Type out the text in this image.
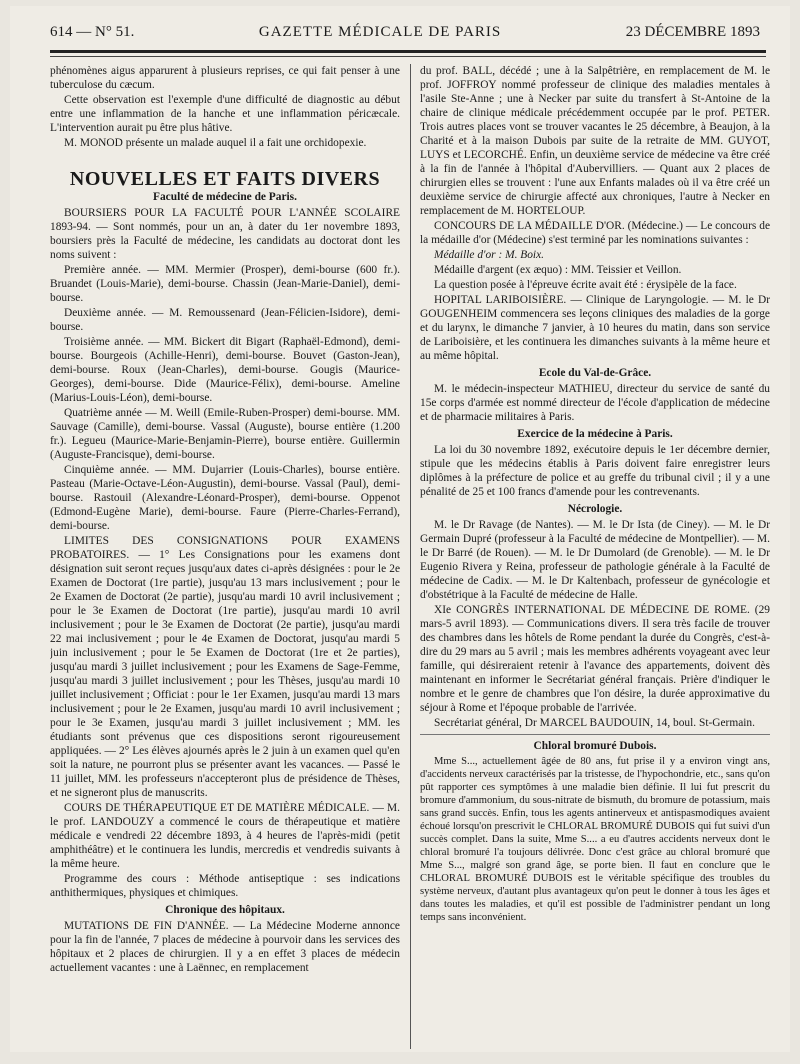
614 — N° 51.	GAZETTE MÉDICALE DE PARIS	23 DÉCEMBRE 1893

phénomènes aigus apparurent à plusieurs reprises, ce qui fait penser à une tuberculose du cæcum.

Cette observation est l'exemple d'une difficulté de diagnostic au début entre une inflammation de la hanche et une inflammation péricæcale. L'intervention aurait pu être plus hâtive.

M. MONOD présente un malade auquel il a fait une orchidopexie.

NOUVELLES ET FAITS DIVERS
Faculté de médecine de Paris.

BOURSIERS POUR LA FACULTÉ POUR L'ANNÉE SCOLAIRE 1893-94. — Sont nommés, pour un an, à dater du 1er novembre 1893, boursiers près la Faculté de médecine, les candidats au doctorat dont les noms suivent :

Première année. — MM. Mermier (Prosper), demi-bourse (600 fr.). Bruandet (Louis-Marie), demi-bourse. Chassin (Jean-Marie-Daniel), demi-bourse.

Deuxième année. — M. Remoussenard (Jean-Félicien-Isidore), demi-bourse.

Troisième année. — MM. Bickert dit Bigart (Raphaël-Edmond), demi-bourse. Bourgeois (Achille-Henri), demi-bourse. Bouvet (Gaston-Jean), demi-bourse. Roux (Jean-Charles), demi-bourse. Gougis (Maurice-Georges), demi-bourse. Dide (Maurice-Félix), demi-bourse. Ameline (Marius-Louis-Léon), demi-bourse.

Quatrième année — M. Weill (Emile-Ruben-Prosper) demi-bourse. MM. Sauvage (Camille), demi-bourse. Vassal (Auguste), bourse entière (1.200 fr.). Legueu (Maurice-Marie-Benjamin-Pierre), bourse entière. Guillermin (Auguste-Francisque), demi-bourse.

Cinquième année. — MM. Dujarrier (Louis-Charles), bourse entière. Pasteau (Marie-Octave-Léon-Augustin), demi-bourse. Vassal (Paul), demi-bourse. Rastouil (Alexandre-Léonard-Prosper), demi-bourse. Oppenot (Edmond-Eugène Marie), demi-bourse. Faure (Pierre-Charles-Ferrand), demi-bourse.

LIMITES DES CONSIGNATIONS POUR EXAMENS PROBATOIRES. — 1° Les Consignations pour les examens dont désignation suit seront reçues jusqu'aux dates ci-après désignées : pour le 2e Examen de Doctorat (1re partie), jusqu'au 13 mars inclusivement ; pour le 2e Examen de Doctorat (2e partie), jusqu'au mardi 10 avril inclusivement ; pour le 3e Examen de Doctorat (1re partie), jusqu'au mardi 10 avril inclusivement ; pour le 3e Examen de Doctorat (2e partie), jusqu'au mardi 22 mai inclusivement ; pour le 4e Examen de Doctorat, jusqu'au mardi 5 juin inclusivement ; pour le 5e Examen de Doctorat (1re et 2e parties), jusqu'au mardi 3 juillet inclusivement ; pour les Examens de Sage-Femme, jusqu'au mardi 3 juillet inclusivement ; pour les Thèses, jusqu'au mardi 10 juillet inclusivement ; Officiat : pour le 1er Examen, jusqu'au mardi 13 mars inclusivement ; pour le 2e Examen, jusqu'au mardi 10 avril inclusivement ; pour le 3e Examen, jusqu'au mardi 3 juillet inclusivement ; MM. les étudiants sont prévenus que ces dispositions seront rigoureusement appliquées. — 2° Les élèves ajournés après le 2 juin à un examen quel qu'en soit la nature, ne pourront plus se présenter avant les vacances. — Passé le 11 juillet, MM. les professeurs n'accepteront plus de présidence de Thèses, et ne signeront plus de manuscrits.

COURS DE THÉRAPEUTIQUE ET DE MATIÈRE MÉDICALE. — M. le prof. LANDOUZY a commencé le cours de thérapeutique et matière médicale e vendredi 22 décembre 1893, à 4 heures de l'après-midi (petit amphithéâtre) et le continuera les lundis, mercredis et vendredis suivants à la même heure.

Programme des cours : Méthode antiseptique : ses indications anthithermiques, physiques et chimiques.

Chronique des hôpitaux.

MUTATIONS DE FIN D'ANNÉE. — La Médecine Moderne annonce pour la fin de l'année, 7 places de médecine à pourvoir dans les services des hôpitaux et 2 places de chirurgien. Il y a en effet 3 places de médecin actuellement vacantes : une à Laënnec, en remplacement

du prof. BALL, décédé ; une à la Salpêtrière, en remplacement de M. le prof. JOFFROY nommé professeur de clinique des maladies mentales à l'asile Ste-Anne ; une à Necker par suite du transfert à St-Antoine de la chaire de clinique médicale précédemment occupée par le prof. PETER. Trois autres places vont se trouver vacantes le 25 décembre, à Beaujon, à la Charité et à la maison Dubois par suite de la retraite de MM. GUYOT, LUYS et LECORCHÉ. Enfin, un deuxième service de médecine va être créé à la fin de l'année à l'hôpital d'Aubervilliers. — Quant aux 2 places de chirurgien elles se trouvent : l'une aux Enfants malades où il va être créé un deuxième service de chirurgie affecté aux chroniques, l'autre à Necker en remplacement de M. HORTELOUP.

CONCOURS DE LA MÉDAILLE D'OR. (Médecine.) — Le concours de la médaille d'or (Médecine) s'est terminé par les nominations suivantes :

Médaille d'or : M. Boix.

Médaille d'argent (ex æquo) : MM. Teissier et Veillon.

La question posée à l'épreuve écrite avait été : érysipèle de la face.

HOPITAL LARIBOISIÈRE. — Clinique de Laryngologie. — M. le Dr GOUGENHEIM commencera ses leçons cliniques des maladies de la gorge et du larynx, le dimanche 7 janvier, à 10 heures du matin, dans son service de Lariboisière, et les continuera les dimanches suivants à la même heure et au même hôpital.

Ecole du Val-de-Grâce.

M. le médecin-inspecteur MATHIEU, directeur du service de santé du 15e corps d'armée est nommé directeur de l'école d'application de médecine et de pharmacie militaires à Paris.

Exercice de la médecine à Paris.

La loi du 30 novembre 1892, exécutoire depuis le 1er décembre dernier, stipule que les médecins établis à Paris doivent faire enregistrer leurs diplômes à la préfecture de police et au greffe du tribunal civil ; il y a une pénalité de 25 et 100 francs d'amende pour les contrevenants.

Nécrologie.

M. le Dr Ravage (de Nantes). — M. le Dr Ista (de Ciney). — M. le Dr Germain Dupré (professeur à la Faculté de médecine de Montpellier). — M. le Dr Barré (de Rouen). — M. le Dr Dumolard (de Grenoble). — M. le Dr Eugenio Rivera y Reina, professeur de pathologie générale à la Faculté de médecine de Cadix. — M. le Dr Kaltenbach, professeur de gynécologie et d'obstétrique à la Faculté de médecine de Halle.

XIe CONGRÈS INTERNATIONAL DE MÉDECINE DE ROME. (29 mars-5 avril 1893). — Communications divers. Il sera très facile de trouver des chambres dans les hôtels de Rome pendant la durée du Congrès, c'est-à-dire du 29 mars au 5 avril ; mais les membres adhérents voyageant avec leur famille, qui désireraient retenir à l'avance des appartements, doivent dès maintenant en informer le Secrétariat général français. Prière d'indiquer le nombre et le genre de chambres que l'on désire, la durée approximative du séjour à Rome et l'époque probable de l'arrivée.

Secrétariat général, Dr MARCEL BAUDOUIN, 14, boul. St-Germain.

Chloral bromuré Dubois.

Mme S..., actuellement âgée de 80 ans, fut prise il y a environ vingt ans, d'accidents nerveux caractérisés par la tristesse, de l'hypochondrie, etc., sans qu'on pût rapporter ces symptômes à une maladie bien définie. Il lui fut prescrit du bromure d'ammonium, du sous-nitrate de bismuth, du bromure de potassium, mais sans grand succès. Enfin, tous les agents antinerveux et antispasmodiques avaient échoué lorsqu'on prescrivit le CHLORAL BROMURÉ DUBOIS qui fut suivi d'un succès complet. Dans la suite, Mme S.... a eu d'autres accidents nerveux dont le chloral bromuré l'a toujours délivrée. Donc c'est grâce au chloral bromuré que Mme S..., malgré son grand âge, se porte bien. Il faut en conclure que le CHLORAL BROMURÉ DUBOIS est le véritable spécifique des troubles du système nerveux, d'autant plus avantageux qu'on peut le donner à tous les âges et dans toutes les maladies, et qu'il est possible de l'administrer pendant un long temps sans inconvénient.
